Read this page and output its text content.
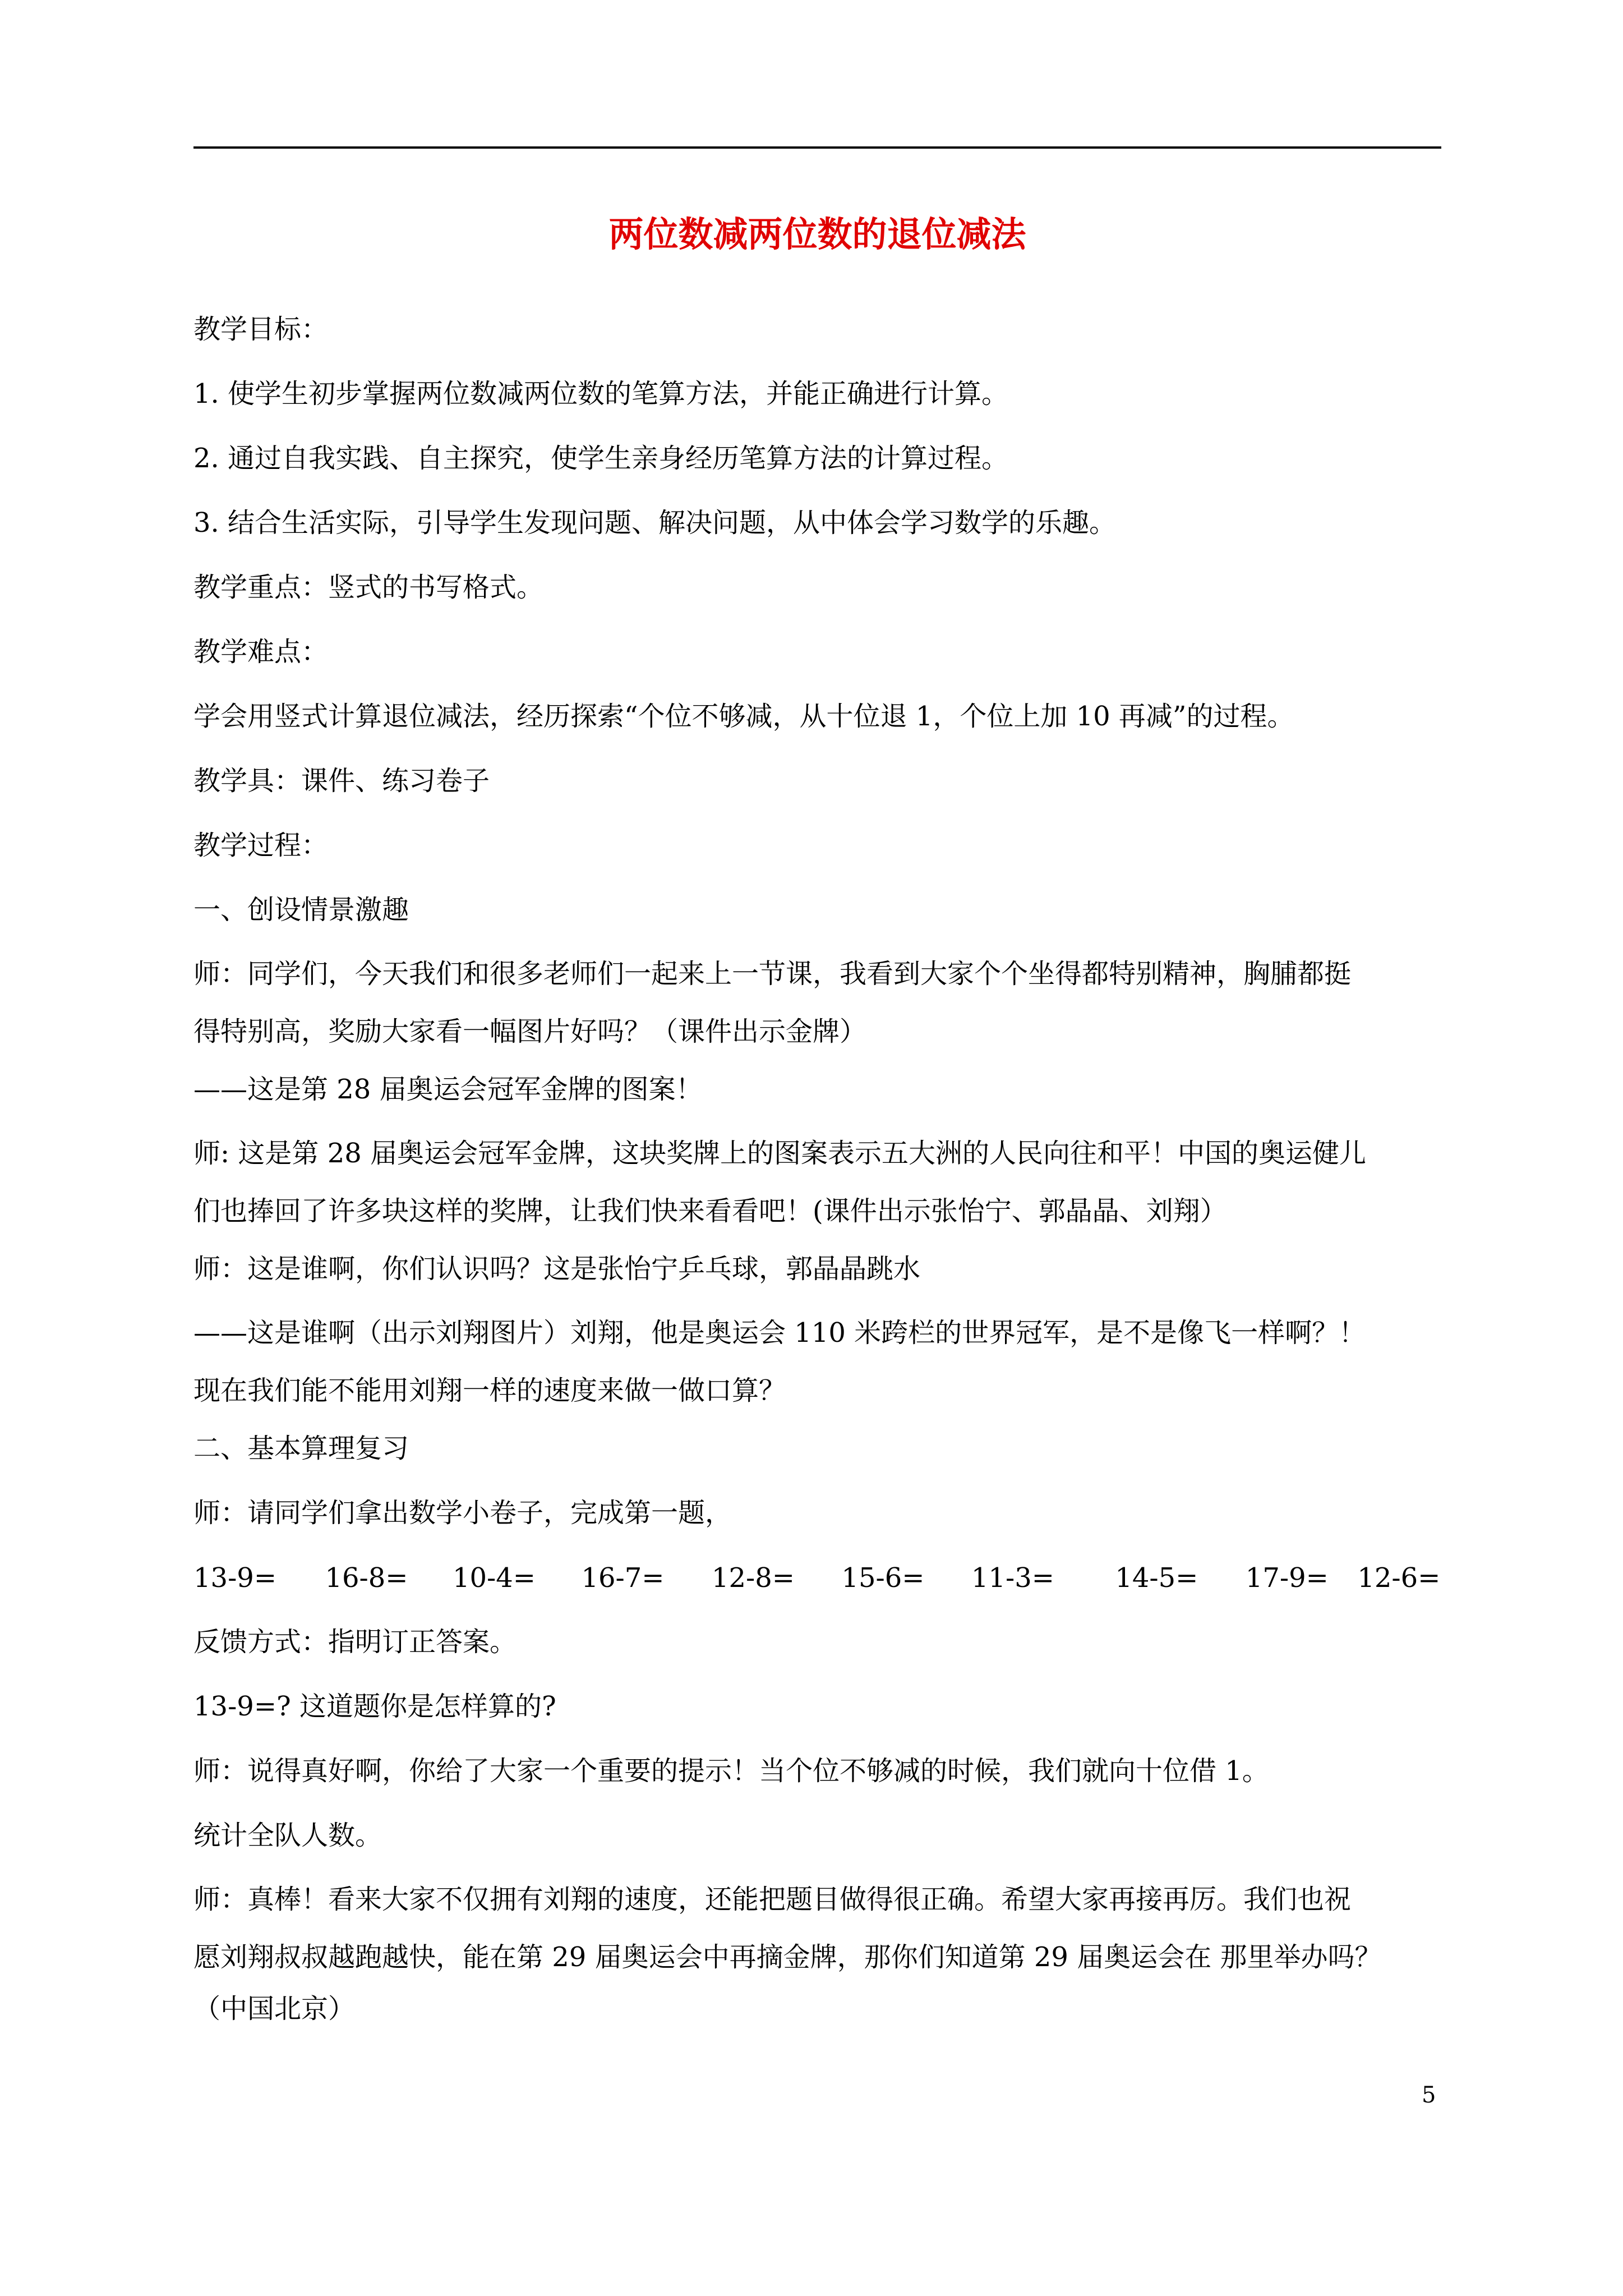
两位数减两位数的退位减法
教学目标：
1. 使学生初步掌握两位数减两位数的笔算方法，并能正确进行计算。
2. 通过自我实践、自主探究，使学生亲身经历笔算方法的计算过程。
3. 结合生活实际，引导学生发现问题、解决问题，从中体会学习数学的乐趣。
教学重点：竖式的书写格式。
教学难点：
学会用竖式计算退位减法，经历探索“个位不够减，从十位退 1，个位上加 10 再减”的过程。
教学具：课件、练习卷子
教学过程：
一、创设情景激趣
师：同学们，今天我们和很多老师们一起来上一节课，我看到大家个个坐得都特别精神，胸脯都挺
得特别高，奖励大家看一幅图片好吗？（课件出示金牌）
——这是第 28 届奥运会冠军金牌的图案！
师: 这是第 28 届奥运会冠军金牌，这块奖牌上的图案表示五大洲的人民向往和平！中国的奥运健儿
们也捧回了许多块这样的奖牌，让我们快来看看吧！(课件出示张怡宁、郭晶晶、刘翔）
师：这是谁啊，你们认识吗？这是张怡宁乒乓球，郭晶晶跳水
——这是谁啊（出示刘翔图片）刘翔，他是奥运会 110 米跨栏的世界冠军，是不是像飞一样啊？！
现在我们能不能用刘翔一样的速度来做一做口算？
二、基本算理复习
师：请同学们拿出数学小卷子，完成第一题，
13-9=	16-8=	10-4=	16-7=	12-8=	15-6=	11-3=	14-5=	17-9=	12-6=
反馈方式：指明订正答案。
13-9=? 这道题你是怎样算的?
师：说得真好啊，你给了大家一个重要的提示！当个位不够减的时候，我们就向十位借 1。
统计全队人数。
师：真棒！看来大家不仅拥有刘翔的速度，还能把题目做得很正确。希望大家再接再厉。我们也祝
愿刘翔叔叔越跑越快，能在第 29 届奥运会中再摘金牌，那你们知道第 29 届奥运会在 那里举办吗？
（中国北京）
5
